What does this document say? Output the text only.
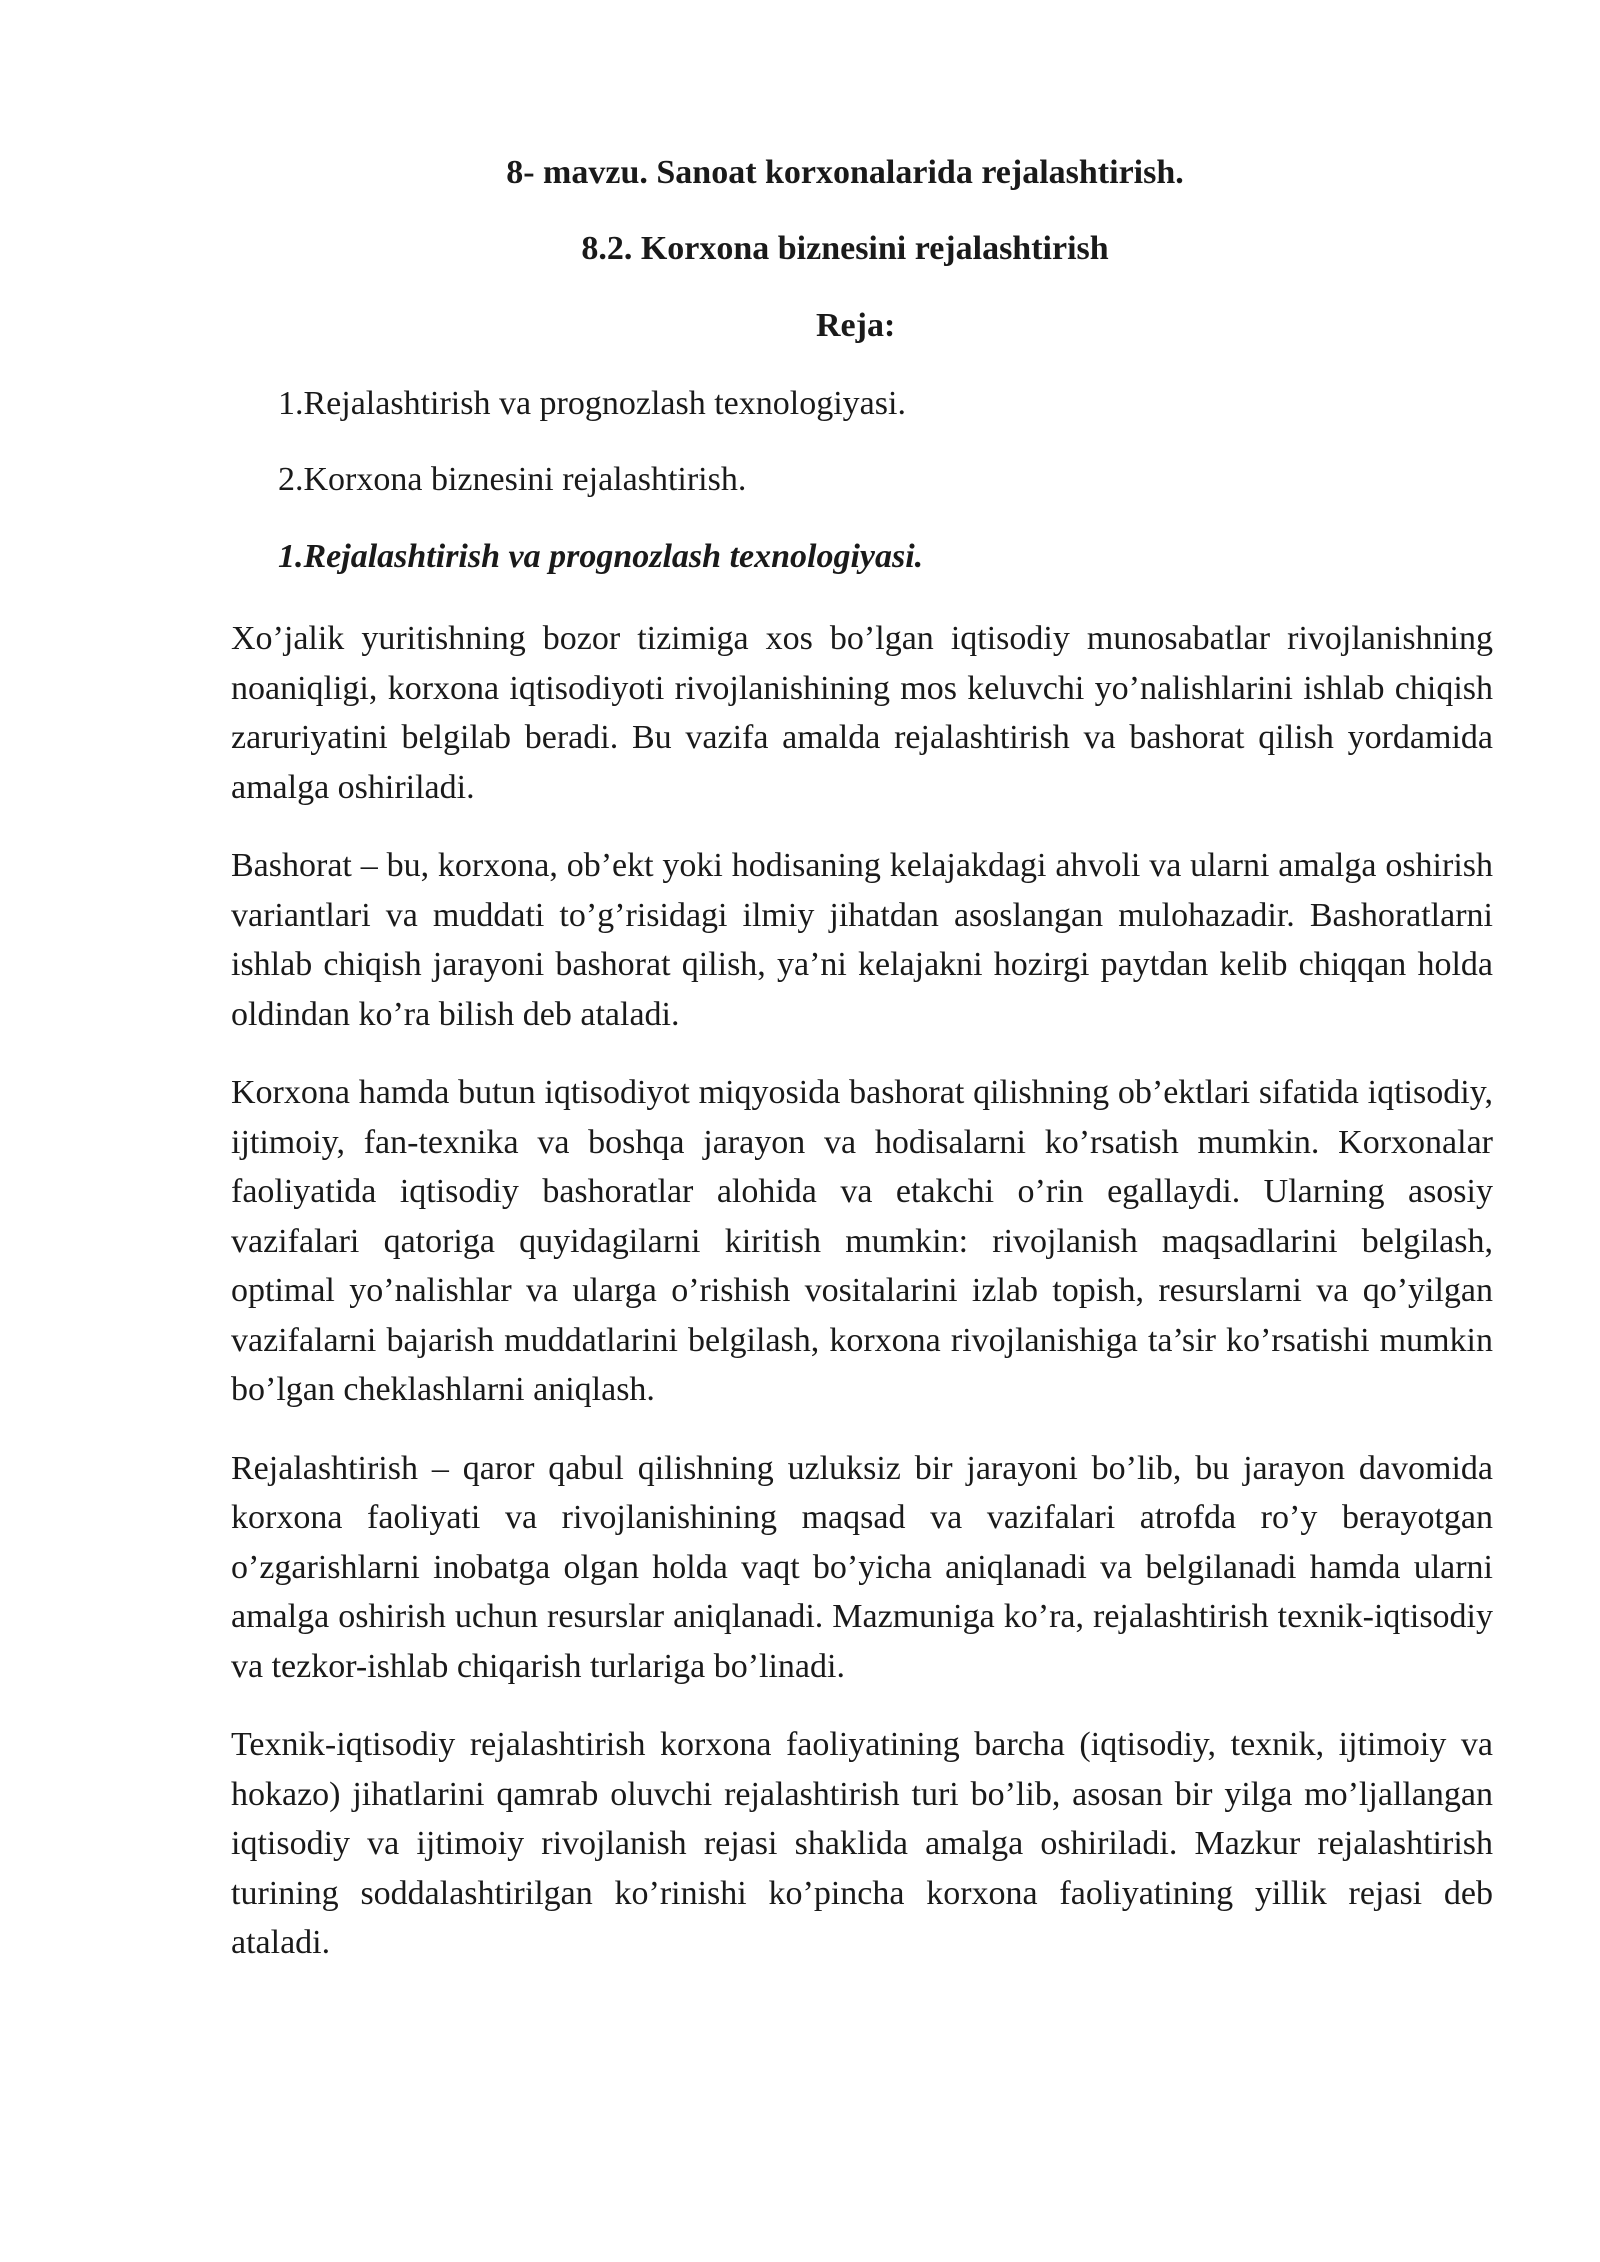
8- mavzu. Sanoat korxonalarida rejalashtirish.
8.2. Korxona biznesini rejalashtirish
Reja:
1.Rejalashtirish va prognozlash texnologiyasi.
2.Korxona biznesini rejalashtirish.
1.Rejalashtirish va prognozlash texnologiyasi.

Xo’jalik yuritishning bozor tizimiga xos bo’lgan iqtisodiy munosabatlar rivojlanishning noaniqligi, korxona iqtisodiyoti rivojlanishining mos keluvchi yo’nalishlarini ishlab chiqish zaruriyatini belgilab beradi. Bu vazifa amalda rejalashtirish va bashorat qilish yordamida amalga oshiriladi.

Bashorat – bu, korxona, ob’ekt yoki hodisaning kelajakdagi ahvoli va ularni amalga oshirish variantlari va muddati to’g’risidagi ilmiy jihatdan asoslangan mulohazadir. Bashoratlarni ishlab chiqish jarayoni bashorat qilish, ya’ni kelajakni hozirgi paytdan kelib chiqqan holda oldindan ko’ra bilish deb ataladi.

Korxona hamda butun iqtisodiyot miqyosida bashorat qilishning ob’ektlari sifatida iqtisodiy, ijtimoiy, fan-texnika va boshqa jarayon va hodisalarni ko’rsatish mumkin. Korxonalar faoliyatida iqtisodiy bashoratlar alohida va etakchi o’rin egallaydi. Ularning asosiy vazifalari qatoriga quyidagilarni kiritish mumkin: rivojlanish maqsadlarini belgilash, optimal yo’nalishlar va ularga o’rishish vositalarini izlab topish, resurslarni va qo’yilgan vazifalarni bajarish muddatlarini belgilash, korxona rivojlanishiga ta’sir ko’rsatishi mumkin bo’lgan cheklashlarni aniqlash.

Rejalashtirish – qaror qabul qilishning uzluksiz bir jarayoni bo’lib, bu jarayon davomida korxona faoliyati va rivojlanishining maqsad va vazifalari atrofda ro’y berayotgan o’zgarishlarni inobatga olgan holda vaqt bo’yicha aniqlanadi va belgilanadi hamda ularni amalga oshirish uchun resurslar aniqlanadi. Mazmuniga ko’ra, rejalashtirish texnik-iqtisodiy va tezkor-ishlab chiqarish turlariga bo’linadi.

Texnik-iqtisodiy rejalashtirish korxona faoliyatining barcha (iqtisodiy, texnik, ijtimoiy va hokazo) jihatlarini qamrab oluvchi rejalashtirish turi bo’lib, asosan bir yilga mo’ljallangan iqtisodiy va ijtimoiy rivojlanish rejasi shaklida amalga oshiriladi. Mazkur rejalashtirish turining soddalashtirilgan ko’rinishi ko’pincha korxona faoliyatining yillik rejasi deb ataladi.
